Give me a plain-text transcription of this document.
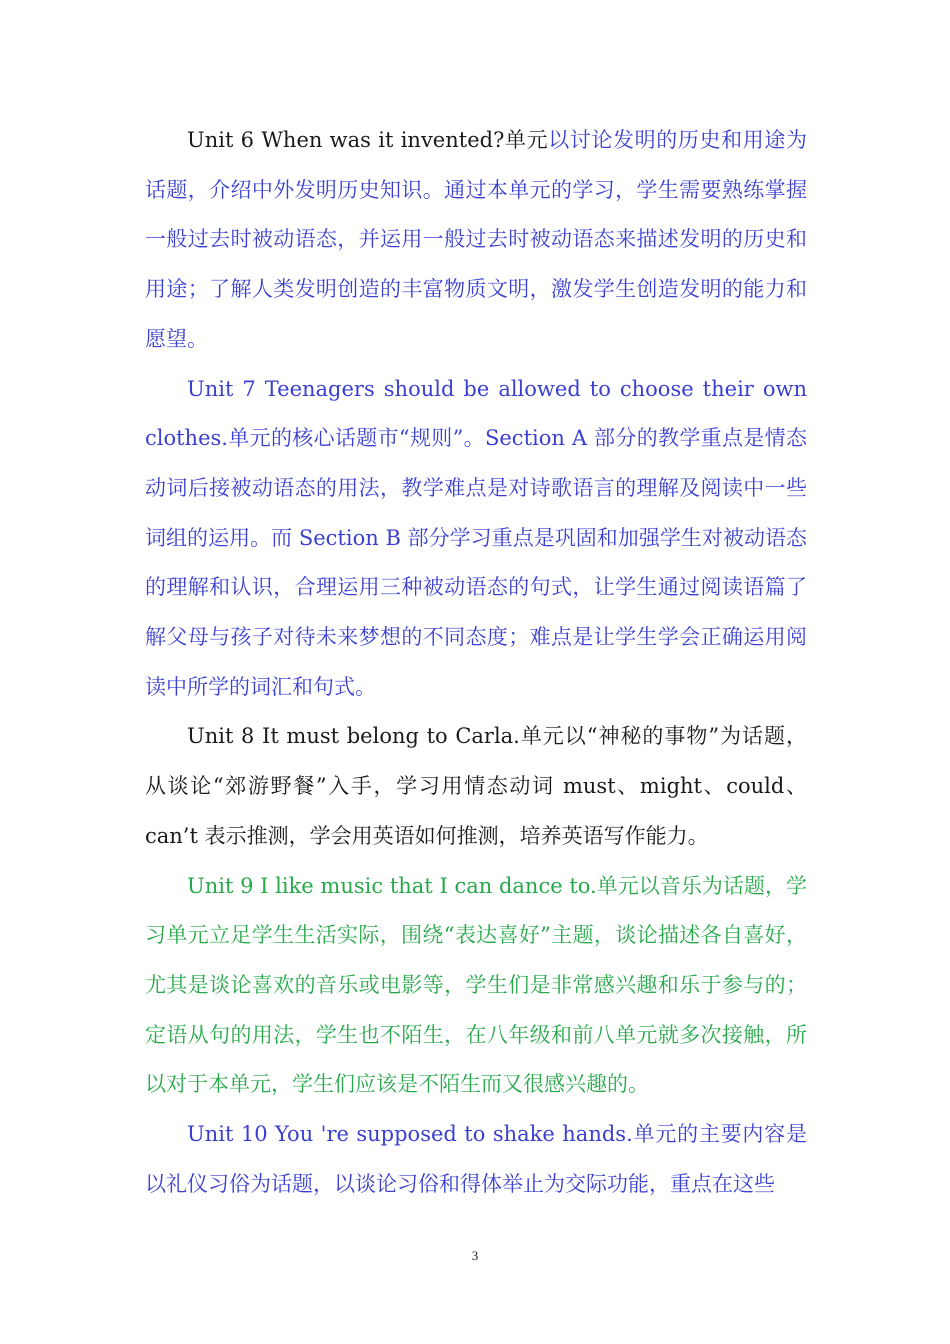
Unit 6 When was it invented?单元以讨论发明的历史和用途为话题，介绍中外发明历史知识。通过本单元的学习，学生需要熟练掌握一般过去时被动语态，并运用一般过去时被动语态来描述发明的历史和用途；了解人类发明创造的丰富物质文明，激发学生创造发明的能力和愿望。

Unit 7 Teenagers should be allowed to choose their own clothes.单元的核心话题市“规则”。Section A 部分的教学重点是情态动词后接被动语态的用法，教学难点是对诗歌语言的理解及阅读中一些词组的运用。而 Section B 部分学习重点是巩固和加强学生对被动语态的理解和认识，合理运用三种被动语态的句式，让学生通过阅读语篇了解父母与孩子对待未来梦想的不同态度；难点是让学生学会正确运用阅读中所学的词汇和句式。

Unit 8 It must belong to Carla.单元以“神秘的事物”为话题，从谈论“郊游野餐”入手，学习用情态动词 must、might、could、can’t 表示推测，学会用英语如何推测，培养英语写作能力。

Unit 9 I like music that I can dance to.单元以音乐为话题，学习单元立足学生生活实际，围绕“表达喜好”主题，谈论描述各自喜好，尤其是谈论喜欢的音乐或电影等，学生们是非常感兴趣和乐于参与的；定语从句的用法，学生也不陌生，在八年级和前八单元就多次接触，所以对于本单元，学生们应该是不陌生而又很感兴趣的。

Unit 10 You 're supposed to shake hands.单元的主要内容是以礼仪习俗为话题，以谈论习俗和得体举止为交际功能，重点在这些

3
